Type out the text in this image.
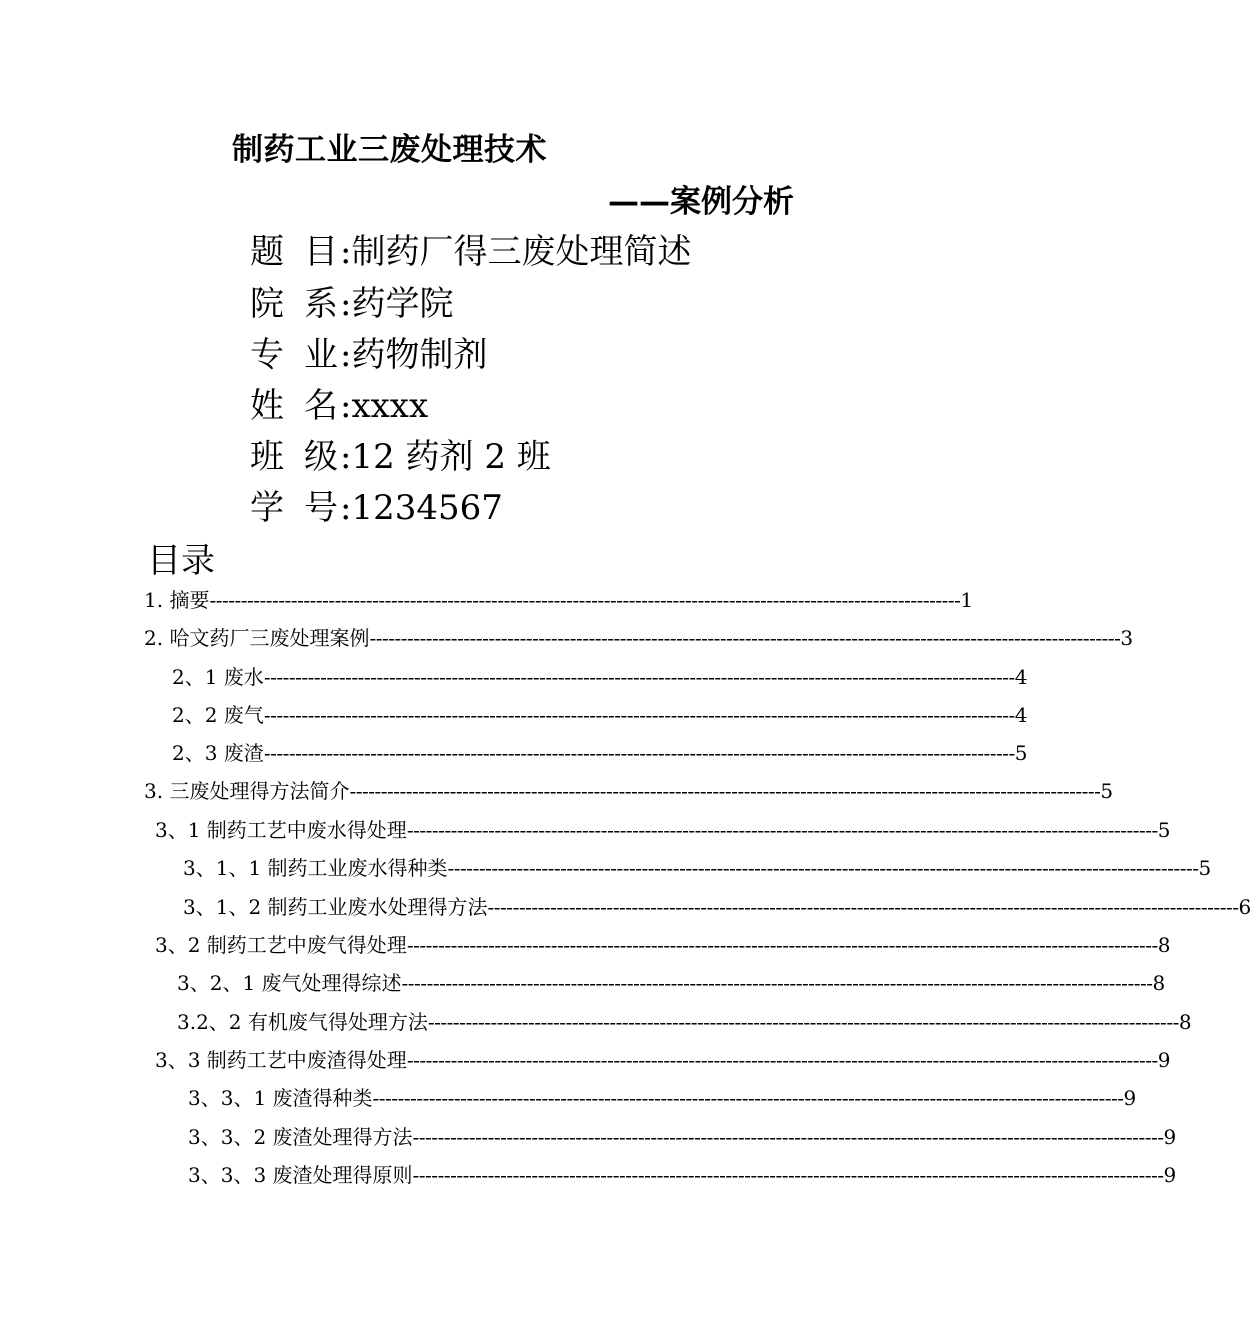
制药工业三废处理技术
——案例分析
题目
:制药厂得三废处理简述
院系
:药学院
专业
:药物制剂
姓名
:xxxx
班级
:12 药剂 2 班
学号
:1234567
目录
1. 摘要 ------------------------------------------------------------------------------------------------------------------------ 1
2. 哈文药厂三废处理案例 ------------------------------------------------------------------------------------------------------------------------ 3
2、1 废水 ------------------------------------------------------------------------------------------------------------------------ 4
2、2 废气 ------------------------------------------------------------------------------------------------------------------------ 4
2、3 废渣 ------------------------------------------------------------------------------------------------------------------------ 5
3. 三废处理得方法简介 ------------------------------------------------------------------------------------------------------------------------ 5
3、1 制药工艺中废水得处理 ------------------------------------------------------------------------------------------------------------------------ 5
3、1、1 制药工业废水得种类 ------------------------------------------------------------------------------------------------------------------------ 5
3、1、2 制药工业废水处理得方法 ------------------------------------------------------------------------------------------------------------------------ 6
3、2 制药工艺中废气得处理 ------------------------------------------------------------------------------------------------------------------------ 8
3、2、1 废气处理得综述 ------------------------------------------------------------------------------------------------------------------------ 8
3.2、2 有机废气得处理方法 ------------------------------------------------------------------------------------------------------------------------ 8
3、3 制药工艺中废渣得处理 ------------------------------------------------------------------------------------------------------------------------ 9
3、3、1 废渣得种类 ------------------------------------------------------------------------------------------------------------------------ 9
3、3、2 废渣处理得方法 ------------------------------------------------------------------------------------------------------------------------ 9
3、3、3 废渣处理得原则 ------------------------------------------------------------------------------------------------------------------------ 9
